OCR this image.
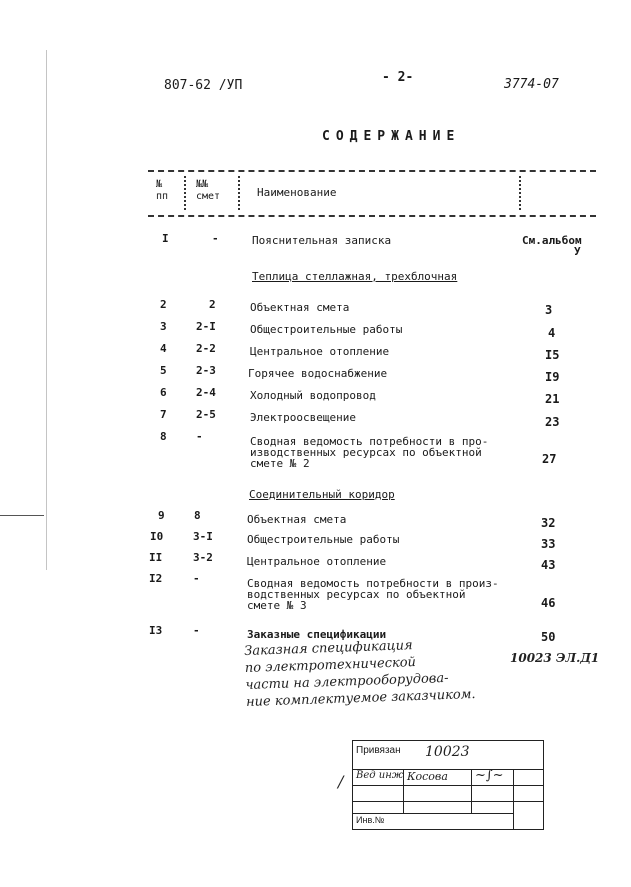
807-62 /УП
- 2-	3774-07
СОДЕРЖАНИЕ
№
пп
№№
смет	Наименование
I	-	Пояснительная записка	См.альбом
У
Теплица стеллажная, трехблочная
2	2	Объектная смета	3
3	2-I	Общестроительные работы	4
4	2-2	Центральное отопление	I5
5	2-3	Горячее водоснабжение	I9
6	2-4	Холодный водопровод	21
7	2-5	Электроосвещение	23
8	-	Сводная ведомость потребности в про-
изводственных ресурсах по объектной
смете № 2	27
Соединительный коридор
9	8	Объектная смета	32
I0	3-I	Общестроительные работы	33
II	3-2	Центральное отопление	43
I2	-	Сводная ведомость потребности в произ-
водственных ресурсах по объектной
смете № 3	46
I3	-	Заказные спецификации	50
Заказная спецификация
по электротехнической
части на электрооборудова-
ние комплектуемое заказчиком.
10023 ЭЛ.Д1
Привязан 10023
Вед инж Косова ~∫~
Инв.№
/
